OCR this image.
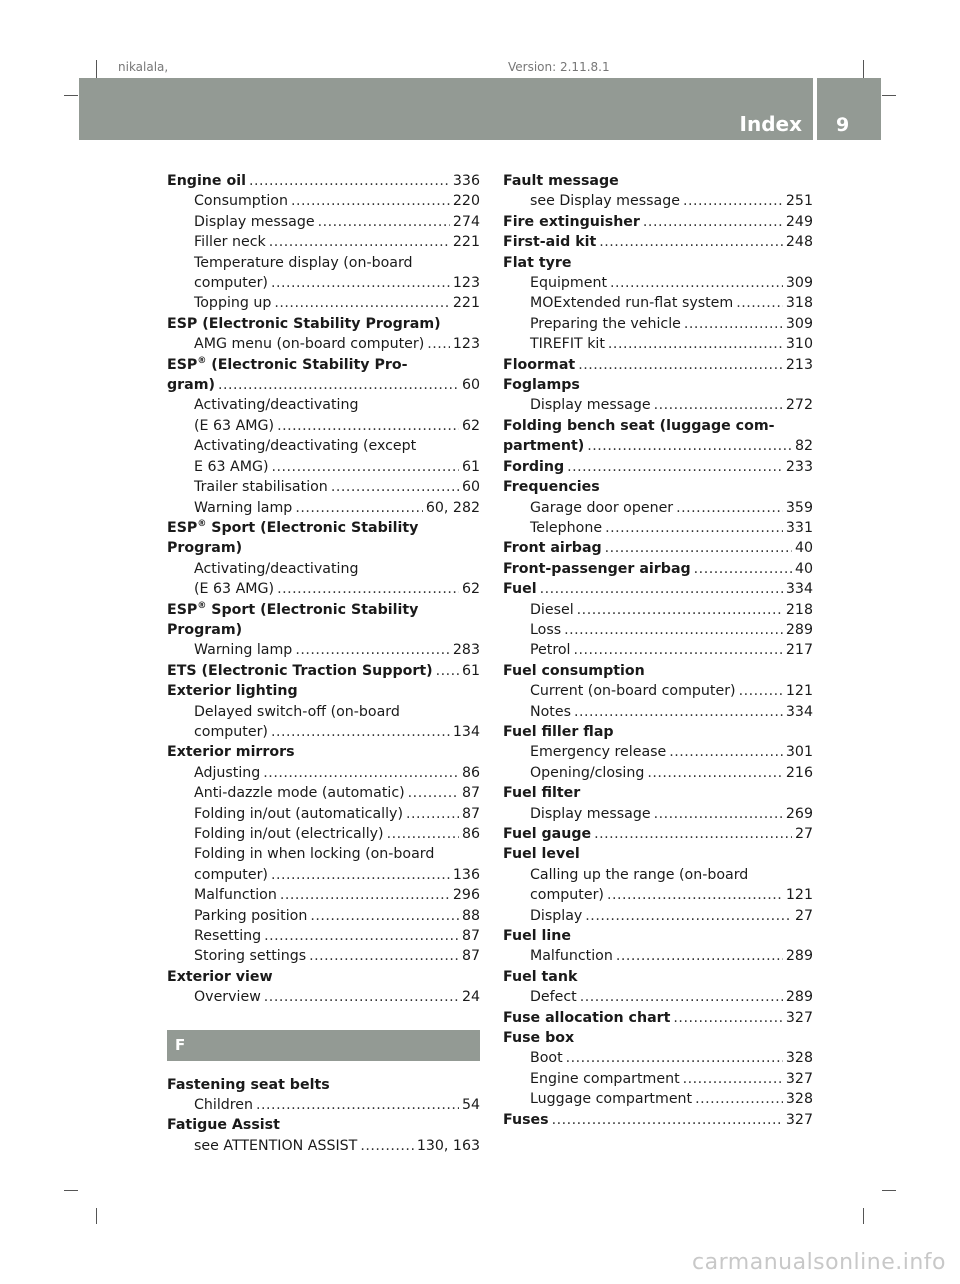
nikalala,	Version: 2.11.8.1
Index 9
Engine oil .....	336
Consumption .....	220
Display message .....	274
Filler neck .....	221
Temperature display (on-board
computer) .....	123
Topping up .....	221
ESP (Electronic Stability Program)
AMG menu (on-board computer) ..... 123
ESP® (Electronic Stability Pro-
gram) .....	60
Activating/deactivating
(E 63 AMG) .....	62
Activating/deactivating (except
E 63 AMG) .....	61
Trailer stabilisation .....	60
Warning lamp .....	60, 282
ESP® Sport (Electronic Stability
Program)
Activating/deactivating
(E 63 AMG) .....	62
ESP® Sport (Electronic Stability
Program)
Warning lamp .....	283
ETS (Electronic Traction Support) ..... 61
Exterior lighting
Delayed switch-off (on-board
computer) .....	134
Exterior mirrors
Adjusting .....	86
Anti-dazzle mode (automatic) .....	87
Folding in/out (automatically) .....	87
Folding in/out (electrically) .....	86
Folding in when locking (on-board
computer) .....	136
Malfunction .....	296
Parking position .....	88
Resetting .....	87
Storing settings .....	87
Exterior view
Overview .....	24
F
Fastening seat belts
Children .....	54
Fatigue Assist
see ATTENTION ASSIST .....	130, 163
Fault message
see Display message .....	251
Fire extinguisher .....	249
First-aid kit .....	248
Flat tyre
Equipment .....	309
MOExtended run-flat system .....	318
Preparing the vehicle .....	309
TIREFIT kit .....	310
Floormat .....	213
Foglamps
Display message .....	272
Folding bench seat (luggage com-
partment) .....	82
Fording .....	233
Frequencies
Garage door opener .....	359
Telephone .....	331
Front airbag .....	40
Front-passenger airbag .....	40
Fuel .....	334
Diesel .....	218
Loss .....	289
Petrol .....	217
Fuel consumption
Current (on-board computer) .....	121
Notes .....	334
Fuel filler flap
Emergency release .....	301
Opening/closing .....	216
Fuel filter
Display message .....	269
Fuel gauge .....	27
Fuel level
Calling up the range (on-board
computer) .....	121
Display .....	27
Fuel line
Malfunction .....	289
Fuel tank
Defect .....	289
Fuse allocation chart .....	327
Fuse box
Boot .....	328
Engine compartment .....	327
Luggage compartment .....	328
Fuses .....	327
carmanualsonline.info
